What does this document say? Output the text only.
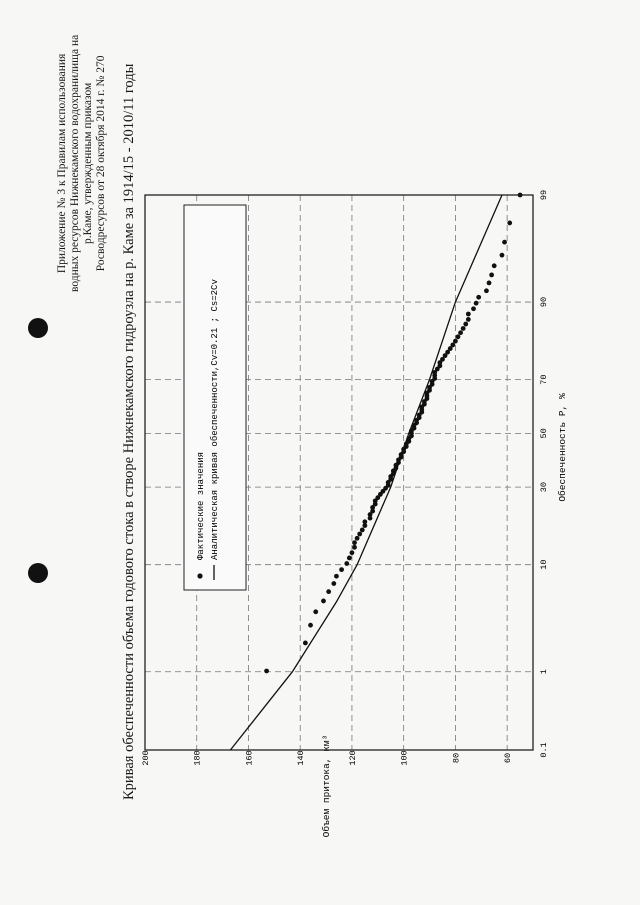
Приложение № 3 к Правилам использования водных ресурсов Нижнекамского водохранилища на р.Каме, утвержденным приказом Росводресурсов от 28 октября 2014 г. № 270 Кривая обеспеченности объема годового стока в створе Нижнекамского гидроузла на р. Каме за 1914/15 - 2010/11 годы	0.1
1
10
30
50
70
90
99
200	180	160	140	120	100	80	60
Обеспеченность P, %
Объем притока, км³
Фактические значения Аналитическая кривая обеспеченности,Cv=0.21 ; Cs=2Cv
